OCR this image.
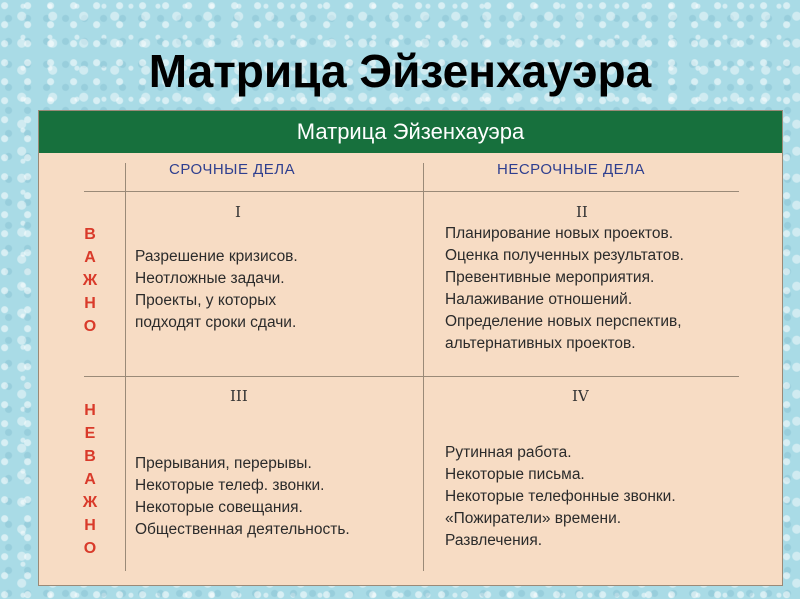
Матрица Эйзенхауэра
Матрица Эйзенхауэра
СРОЧНЫЕ ДЕЛА	НЕСРОЧНЫЕ ДЕЛА
В
А
Ж
Н
О
Н
Е
В
А
Ж
Н
О
I
Разрешение кризисов.
Неотложные задачи.
Проекты, у которых
подходят сроки сдачи.
II
Планирование новых проектов.
Оценка полученных результатов.
Превентивные мероприятия.
Налаживание отношений.
Определение новых перспектив,
альтернативных проектов.
III
Прерывания, перерывы.
Некоторые телеф. звонки.
Некоторые совещания.
Общественная деятельность.
IV
Рутинная работа.
Некоторые письма.
Некоторые телефонные звонки.
«Пожиратели» времени.
Развлечения.
